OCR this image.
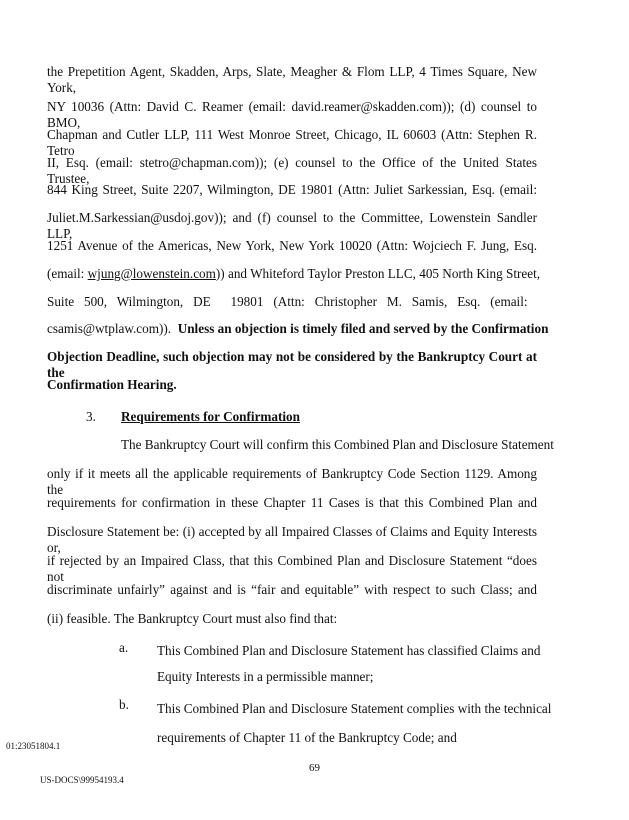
the Prepetition Agent, Skadden, Arps, Slate, Meagher & Flom LLP, 4 Times Square, New York,
NY 10036 (Attn: David C. Reamer (email: david.reamer@skadden.com)); (d) counsel to BMO,
Chapman and Cutler LLP, 111 West Monroe Street, Chicago, IL 60603 (Attn: Stephen R. Tetro
II, Esq. (email: stetro@chapman.com)); (e) counsel to the Office of the United States Trustee,
844 King Street, Suite 2207, Wilmington, DE 19801 (Attn: Juliet Sarkessian, Esq. (email:
Juliet.M.Sarkessian@usdoj.gov)); and (f) counsel to the Committee, Lowenstein Sandler LLP,
1251 Avenue of the Americas, New York, New York 10020 (Attn: Wojciech F. Jung, Esq.
(email: wjung@lowenstein.com)) and Whiteford Taylor Preston LLC, 405 North King Street,
Suite   500,   Wilmington,   DE      19801   (Attn:   Christopher   M.   Samis,   Esq.   (email:
csamis@wtplaw.com)).  Unless an objection is timely filed and served by the Confirmation
Objection Deadline, such objection may not be considered by the Bankruptcy Court at the
Confirmation Hearing.
3. Requirements for Confirmation
The Bankruptcy Court will confirm this Combined Plan and Disclosure Statement
only if it meets all the applicable requirements of Bankruptcy Code Section 1129. Among the
requirements for confirmation in these Chapter 11 Cases is that this Combined Plan and
Disclosure Statement be: (i) accepted by all Impaired Classes of Claims and Equity Interests or,
if rejected by an Impaired Class, that this Combined Plan and Disclosure Statement “does not
discriminate unfairly” against and is “fair and equitable” with respect to such Class; and
(ii) feasible. The Bankruptcy Court must also find that:
a. This Combined Plan and Disclosure Statement has classified Claims and
Equity Interests in a permissible manner;
b. This Combined Plan and Disclosure Statement complies with the technical
requirements of Chapter 11 of the Bankruptcy Code; and
01:23051804.1
69
US-DOCS\99954193.4
